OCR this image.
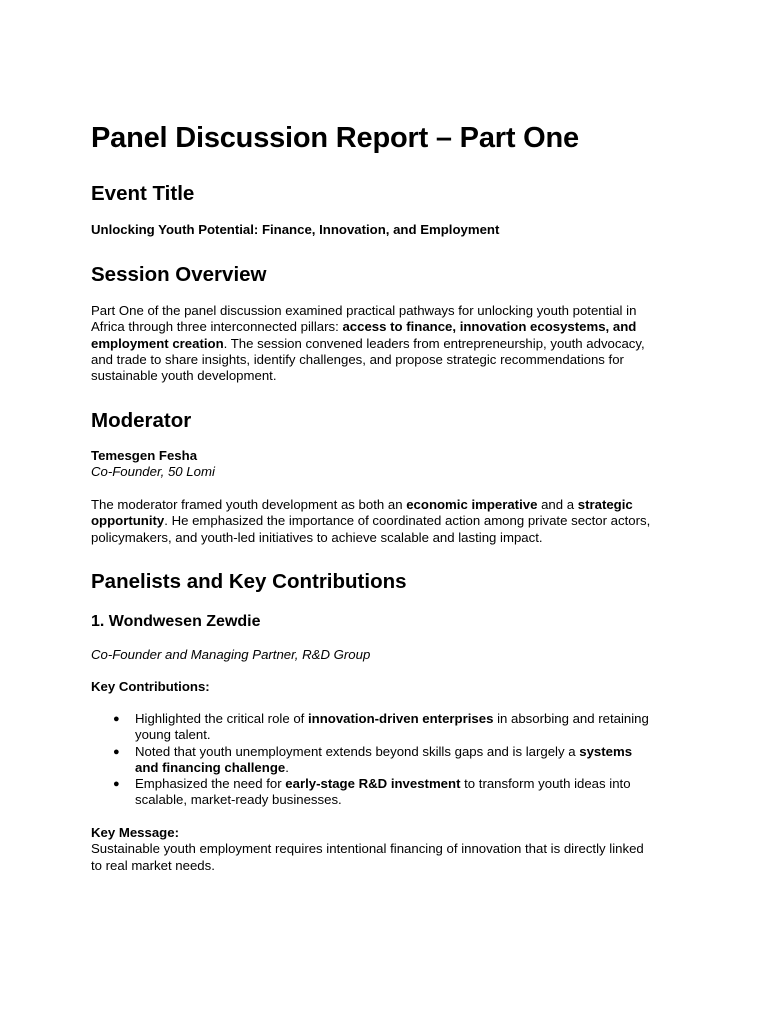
Panel Discussion Report – Part One
Event Title

Unlocking Youth Potential: Finance, Innovation, and Employment

Session Overview

Part One of the panel discussion examined practical pathways for unlocking youth potential in
Africa through three interconnected pillars: access to finance, innovation ecosystems, and
employment creation. The session convened leaders from entrepreneurship, youth advocacy,
and trade to share insights, identify challenges, and propose strategic recommendations for
sustainable youth development.

Moderator

Temesgen Fesha
Co-Founder, 50 Lomi

The moderator framed youth development as both an economic imperative and a strategic
opportunity. He emphasized the importance of coordinated action among private sector actors,
policymakers, and youth-led initiatives to achieve scalable and lasting impact.

Panelists and Key Contributions
1. Wondwesen Zewdie

Co-Founder and Managing Partner, R&D Group

Key Contributions:

● Highlighted the critical role of innovation-driven enterprises in absorbing and retaining
young talent.
● Noted that youth unemployment extends beyond skills gaps and is largely a systems
and financing challenge.
● Emphasized the need for early-stage R&D investment to transform youth ideas into
scalable, market-ready businesses.

Key Message:
Sustainable youth employment requires intentional financing of innovation that is directly linked
to real market needs.
